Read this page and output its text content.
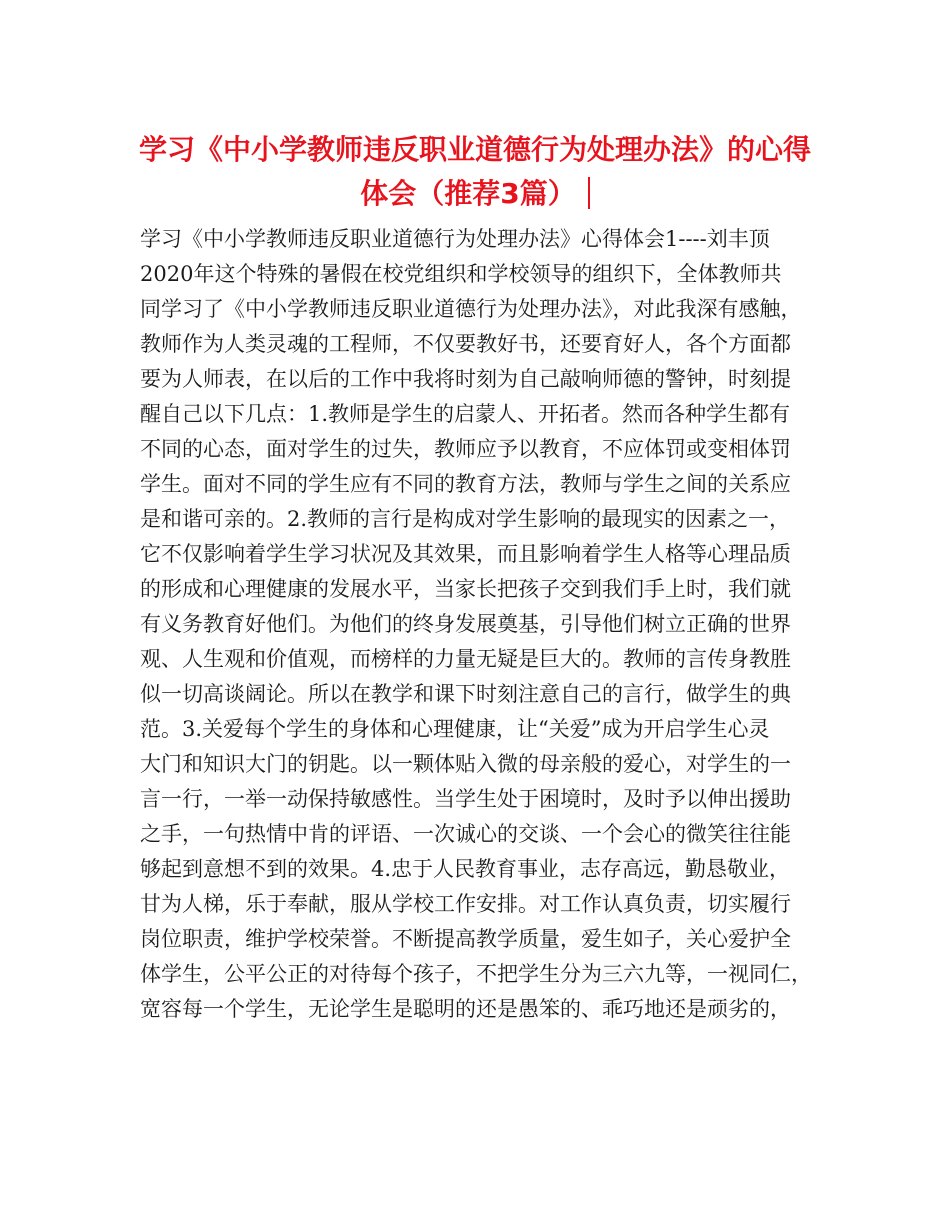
学习《中小学教师违反职业道德行为处理办法》的心得
体会（推荐3篇）
学习《中小学教师违反职业道德行为处理办法》心得体会1----刘丰顶
2020年这个特殊的暑假在校党组织和学校领导的组织下，全体教师共
同学习了《中小学教师违反职业道德行为处理办法》，对此我深有感触，
教师作为人类灵魂的工程师，不仅要教好书，还要育好人，各个方面都
要为人师表，在以后的工作中我将时刻为自己敲响师德的警钟，时刻提
醒自己以下几点：1.教师是学生的启蒙人、开拓者。然而各种学生都有
不同的心态，面对学生的过失，教师应予以教育，不应体罚或变相体罚
学生。面对不同的学生应有不同的教育方法，教师与学生之间的关系应
是和谐可亲的。2.教师的言行是构成对学生影响的最现实的因素之一，
它不仅影响着学生学习状况及其效果，而且影响着学生人格等心理品质
的形成和心理健康的发展水平，当家长把孩子交到我们手上时，我们就
有义务教育好他们。为他们的终身发展奠基，引导他们树立正确的世界
观、人生观和价值观，而榜样的力量无疑是巨大的。教师的言传身教胜
似一切高谈阔论。所以在教学和课下时刻注意自己的言行，做学生的典
范。3.关爱每个学生的身体和心理健康，让“关爱”成为开启学生心灵
大门和知识大门的钥匙。以一颗体贴入微的母亲般的爱心，对学生的一
言一行，一举一动保持敏感性。当学生处于困境时，及时予以伸出援助
之手，一句热情中肯的评语、一次诚心的交谈、一个会心的微笑往往能
够起到意想不到的效果。4.忠于人民教育事业，志存高远，勤恳敬业，
甘为人梯，乐于奉献，服从学校工作安排。对工作认真负责，切实履行
岗位职责，维护学校荣誉。不断提高教学质量，爱生如子，关心爱护全
体学生，公平公正的对待每个孩子，不把学生分为三六九等，一视同仁，
宽容每一个学生，无论学生是聪明的还是愚笨的、乖巧地还是顽劣的，
